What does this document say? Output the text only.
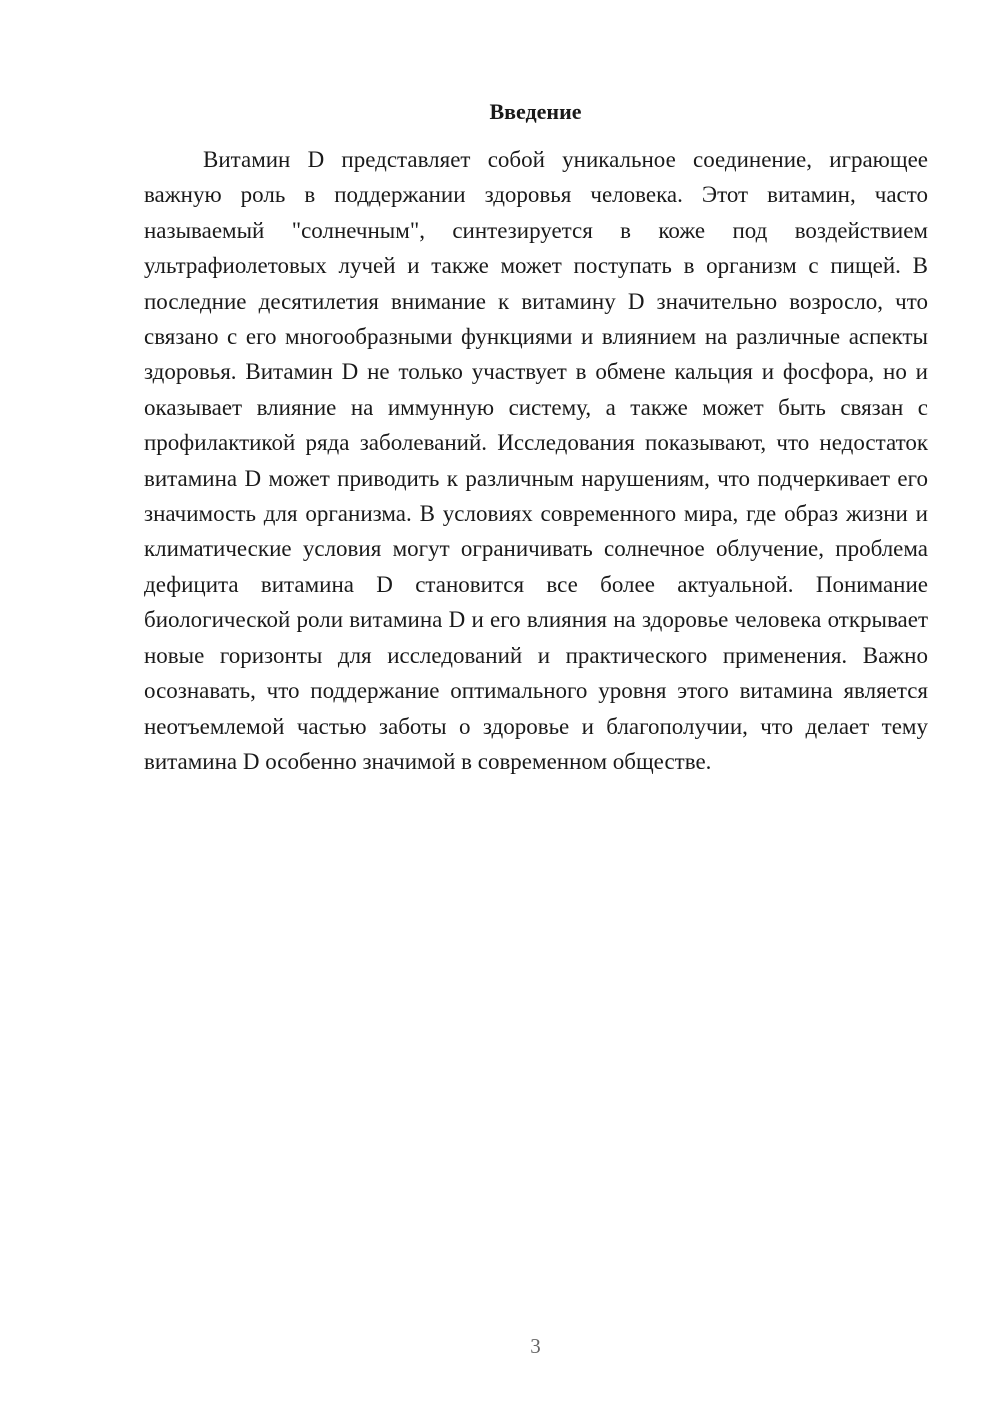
Введение

Витамин D представляет собой уникальное соединение, играющее важную роль в поддержании здоровья человека. Этот витамин, часто называемый "солнечным", синтезируется в коже под воздействием ультрафиолетовых лучей и также может поступать в организм с пищей. В последние десятилетия внимание к витамину D значительно возросло, что связано с его многообразными функциями и влиянием на различные аспекты здоровья. Витамин D не только участвует в обмене кальция и фосфора, но и оказывает влияние на иммунную систему, а также может быть связан с профилактикой ряда заболеваний. Исследования показывают, что недостаток витамина D может приводить к различным нарушениям, что подчеркивает его значимость для организма. В условиях современного мира, где образ жизни и климатические условия могут ограничивать солнечное облучение, проблема дефицита витамина D становится все более актуальной. Понимание биологической роли витамина D и его влияния на здоровье человека открывает новые горизонты для исследований и практического применения. Важно осознавать, что поддержание оптимального уровня этого витамина является неотъемлемой частью заботы о здоровье и благополучии, что делает тему витамина D особенно значимой в современном обществе.

3
